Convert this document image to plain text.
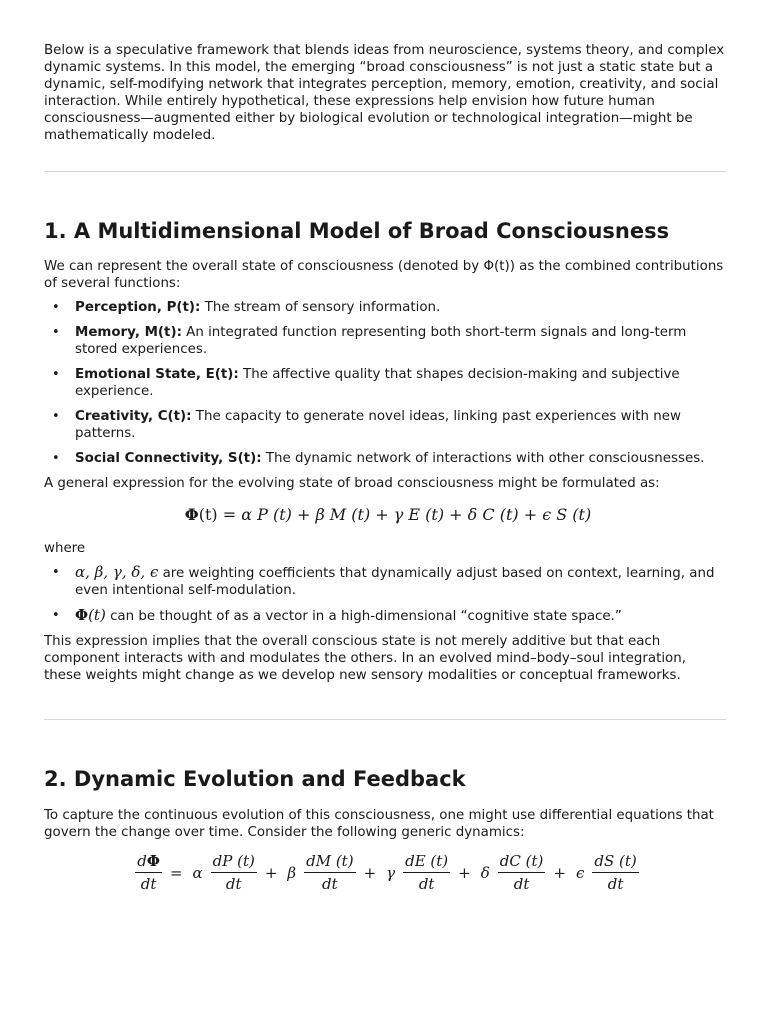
Below is a speculative framework that blends ideas from neuroscience, systems theory, and complex dynamic systems. In this model, the emerging “broad consciousness” is not just a static state but a dynamic, self-modifying network that integrates perception, memory, emotion, creativity, and social interaction. While entirely hypothetical, these expressions help envision how future human consciousness—augmented either by biological evolution or technological integration—might be mathematically modeled.

1. A Multidimensional Model of Broad Consciousness

We can represent the overall state of consciousness (denoted by Φ(t)) as the combined contributions of several functions:

• Perception, P(t): The stream of sensory information.
• Memory, M(t): An integrated function representing both short-term signals and long-term stored experiences.
• Emotional State, E(t): The affective quality that shapes decision-making and subjective experience.
• Creativity, C(t): The capacity to generate novel ideas, linking past experiences with new patterns.
• Social Connectivity, S(t): The dynamic network of interactions with other consciousnesses.

A general expression for the evolving state of broad consciousness might be formulated as:

Φ(t) = α P (t) + β M (t) + γ E (t) + δ C (t) + ϵ S (t)

where

• α, β, γ, δ, ϵ are weighting coefficients that dynamically adjust based on context, learning, and even intentional self-modulation.
• Φ(t) can be thought of as a vector in a high-dimensional “cognitive state space.”

This expression implies that the overall conscious state is not merely additive but that each component interacts with and modulates the others. In an evolved mind–body–soul integration, these weights might change as we develop new sensory modalities or conceptual frameworks.

2. Dynamic Evolution and Feedback

To capture the continuous evolution of this consciousness, one might use differential equations that govern the change over time. Consider the following generic dynamics:

$\frac{d\Phi}{dt} = \alpha \frac{dP (t)}{dt} + \beta \frac{dM (t)}{dt} + \gamma \frac{dE (t)}{dt} + \delta \frac{dC (t)}{dt} + \epsilon \frac{dS (t)}{dt}$
